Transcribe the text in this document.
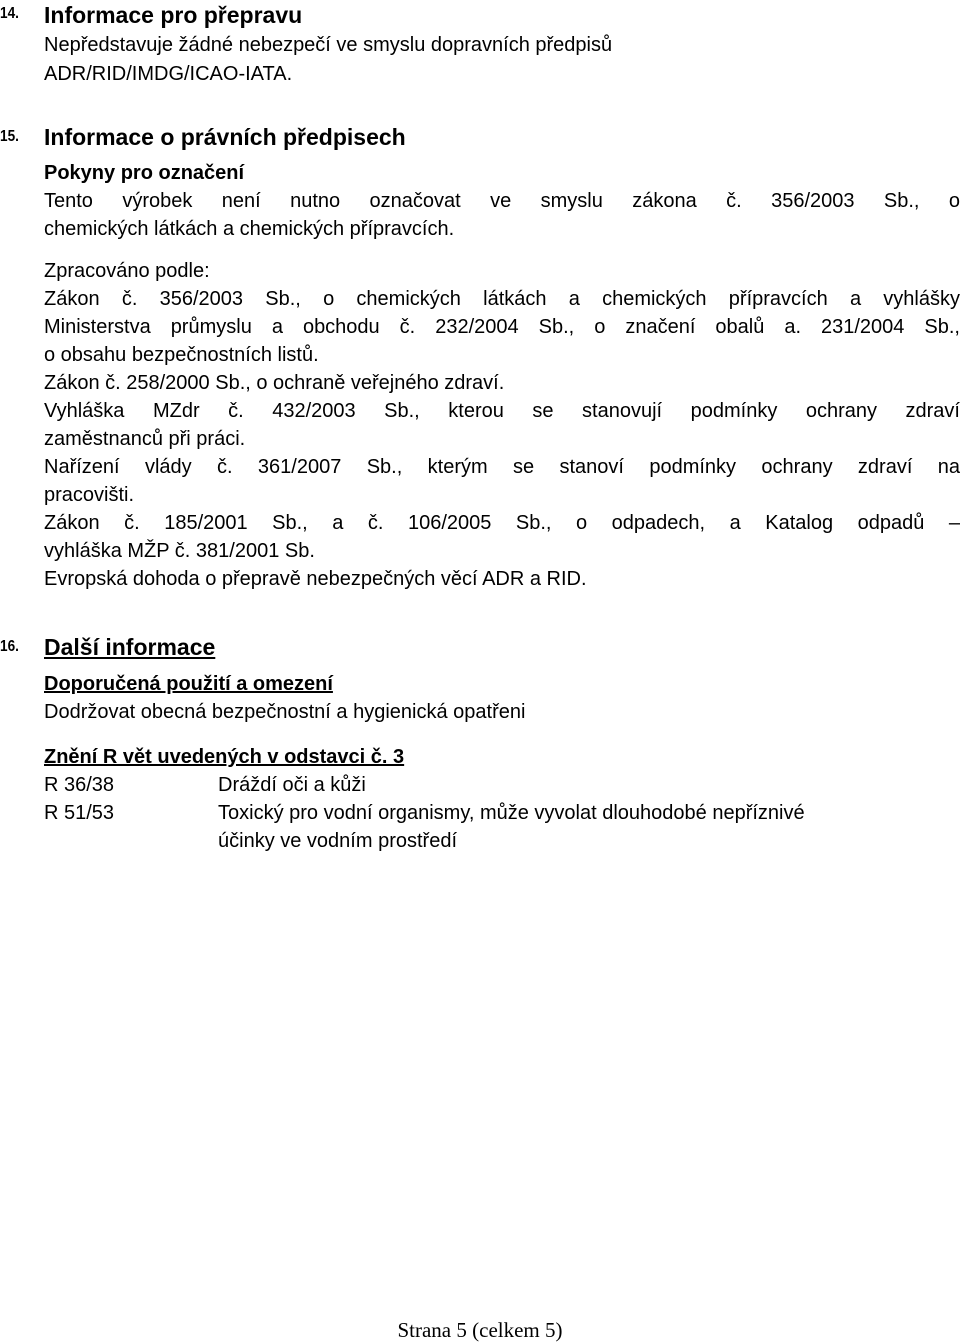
14.	Informace pro přepravu
Nepředstavuje žádné nebezpečí ve smyslu dopravních předpisů
ADR/RID/IMDG/ICAO-IATA.
15.	Informace o právních předpisech
Pokyny pro označení
Tento výrobek není nutno označovat ve smyslu zákona č. 356/2003 Sb., o
chemických látkách a chemických přípravcích.
Zpracováno podle:
Zákon č. 356/2003 Sb., o chemických látkách a chemických přípravcích a vyhlášky
Ministerstva průmyslu a obchodu č. 232/2004 Sb., o značení obalů a. 231/2004 Sb.,
o obsahu bezpečnostních listů.
Zákon č. 258/2000 Sb., o ochraně veřejného zdraví.
Vyhláška MZdr č. 432/2003 Sb., kterou se stanovují podmínky ochrany zdraví
zaměstnanců při práci.
Nařízení vlády č. 361/2007 Sb., kterým se stanoví podmínky ochrany zdraví na
pracovišti.
Zákon č. 185/2001 Sb., a č. 106/2005 Sb., o odpadech, a Katalog odpadů –
vyhláška MŽP č. 381/2001 Sb.
Evropská dohoda o přepravě nebezpečných věcí ADR a RID.
16.	Další informace
Doporučená použití a omezení
Dodržovat obecná bezpečnostní a hygienická opatřeni
Znění R vět uvedených v odstavci č. 3
R 36/38	Dráždí oči a kůži
R 51/53	Toxický pro vodní organismy, může vyvolat dlouhodobé nepříznivé
účinky ve vodním prostředí
Strana 5 (celkem 5)
